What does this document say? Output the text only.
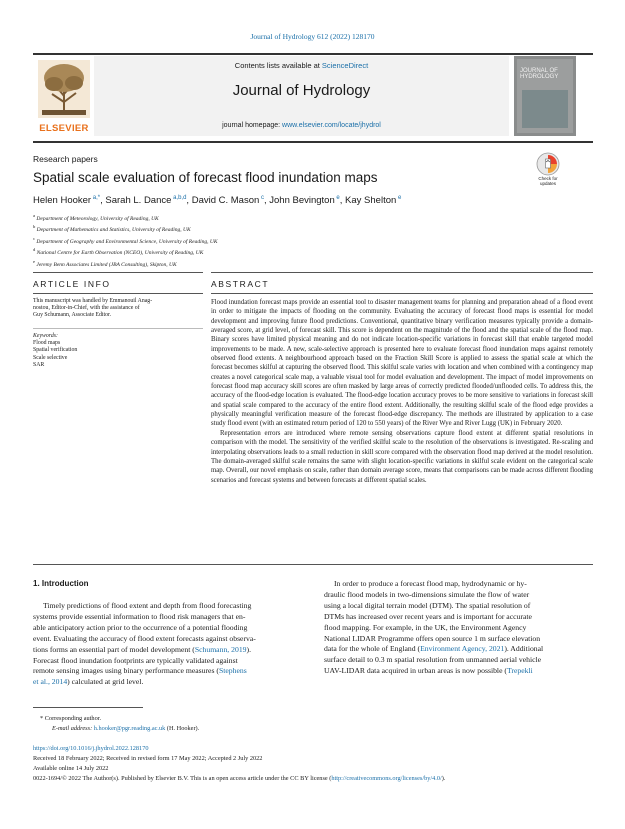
Journal of Hydrology 612 (2022) 128170
Contents lists available at ScienceDirect
Journal of Hydrology
journal homepage: www.elsevier.com/locate/jhydrol
ELSEVIER
JOURNAL OF HYDROLOGY
Research papers
Spatial scale evaluation of forecast flood inundation maps	Check for updates
Helen Hooker $^{a,*}$, Sarah L. Dance $^{a,b,d}$, David C. Mason $^c$, John Bevington $^e$, Kay Shelton $^e$
$^a$ Department of Meteorology, University of Reading, UK
$^b$ Department of Mathematics and Statistics, University of Reading, UK
$^c$ Department of Geography and Environmental Science, University of Reading, UK
$^d$ National Centre for Earth Observation (NCEO), University of Reading, UK
$^e$ Jeremy Benn Associates Limited (JBA Consulting), Skipton, UK
ARTICLE INFO	ABSTRACT
This manuscript was handled by Emmanouil Anag-
nostou, Editor-in-Chief, with the assistance of
Guy Schumann, Associate Editor.
Keywords:
Flood maps
Spatial verification
Scale selective
SAR

Flood inundation forecast maps provide an essential tool to disaster management teams for planning and preparation ahead of a flood event in order to mitigate the impacts of flooding on the community. Evaluating the accuracy of forecast flood maps is essential for model development and improving future flood predictions. Conventional, quantitative binary verification measures typically provide a domain-averaged score, at grid level, of forecast skill. This score is dependent on the magnitude of the flood and the spatial scale of the flood map. Binary scores have limited physical meaning and do not indicate location-specific variations in forecast skill that enable targeted model improvements to be made. A new, scale-selective approach is presented here to evaluate forecast flood inundation maps against remotely observed flood extents. A neighbourhood approach based on the Fraction Skill Score is applied to assess the spatial scale at which the forecast becomes skilful at capturing the observed flood. This skilful scale varies with location and when combined with a contingency map creates a novel categorical scale map, a valuable visual tool for model evaluation and development. The impact of model improvements on forecast flood map accuracy skill scores are often masked by large areas of correctly predicted flooded/unflooded cells. To address this, the accuracy of the flood-edge location is evaluated. The flood-edge location accuracy proves to be more sensitive to variations in forecast skill and spatial scale compared to the accuracy of the entire flood extent. Additionally, the resulting skilful scale of the flood edge provides a physically meaningful verification measure of the forecast flood-edge discrepancy. The methods are illustrated by application to a case study flood event (with an estimated return period of 120 to 550 years) of the River Wye and River Lugg (UK) in February 2020.

Representation errors are introduced where remote sensing observations capture flood extent at different spatial resolutions in comparison with the model. The sensitivity of the verified skilful scale to the resolution of the observations is investigated. Re-scaling and interpolating observations leads to a small reduction in skill score compared with the observation flood map derived at the model resolution. The domain-averaged skilful scale remains the same with slight location-specific variations in skilful scale evident on the categorical scale map. Overall, our novel emphasis on scale, rather than domain average score, means that comparisons can be made across different flooding scenarios and forecast systems and between forecasts at different spatial scales.

1. Introduction
Timely predictions of flood extent and depth from flood forecasting
systems provide essential information to flood risk managers that en-
able anticipatory action prior to the occurrence of a potential flooding
event. Evaluating the accuracy of flood extent forecasts against observa-
tions forms an essential part of model development (Schumann, 2019).
Forecast flood inundation footprints are typically validated against
remote sensing images using binary performance measures (Stephens
et al., 2014) calculated at grid level.
In order to produce a forecast flood map, hydrodynamic or hy-
draulic flood models in two-dimensions simulate the flow of water
using a local digital terrain model (DTM). The spatial resolution of
DTMs has increased over recent years and is important for accurate
flood mapping. For example, in the UK, the Environment Agency
National LIDAR Programme offers open source 1 m surface elevation
data for the whole of England (Environment Agency, 2021). Additional
surface detail to 0.3 m spatial resolution from unmanned aerial vehicle
UAV-LIDAR data acquired in urban areas is now possible (Trepekli
* Corresponding author.
E-mail address: h.hooker@pgr.reading.ac.uk (H. Hooker).
https://doi.org/10.1016/j.jhydrol.2022.128170
Received 18 February 2022; Received in revised form 17 May 2022; Accepted 2 July 2022
Available online 14 July 2022
0022-1694/© 2022 The Author(s). Published by Elsevier B.V. This is an open access article under the CC BY license (http://creativecommons.org/licenses/by/4.0/).
